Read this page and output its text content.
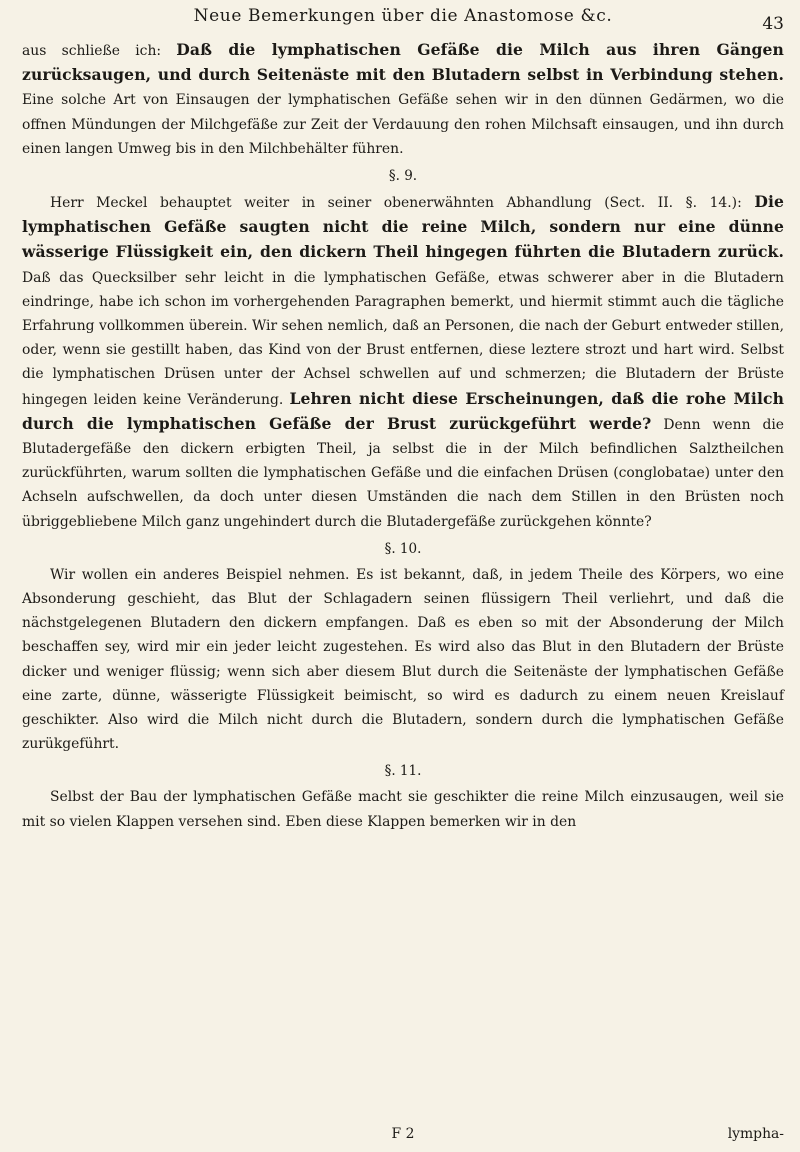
Neue Bemerkungen über die Anastomose &c.	43

aus schließe ich: Daß die lymphatischen Gefäße die Milch aus ihren Gängen zurücksaugen, und durch Seitenäste mit den Blutadern selbst in Verbindung stehen. Eine solche Art von Einsaugen der lymphatischen Gefäße sehen wir in den dünnen Gedärmen, wo die offnen Mündungen der Milchgefäße zur Zeit der Verdauung den rohen Milchsaft einsaugen, und ihn durch einen langen Umweg bis in den Milchbehälter führen.

§. 9.

Herr Meckel behauptet weiter in seiner obenerwähnten Abhandlung (Sect. II. §. 14.): Die lymphatischen Gefäße saugten nicht die reine Milch, sondern nur eine dünne wässerige Flüssigkeit ein, den dickern Theil hingegen führten die Blutadern zurück. Daß das Quecksilber sehr leicht in die lymphatischen Gefäße, etwas schwerer aber in die Blutadern eindringe, habe ich schon im vorhergehenden Paragraphen bemerkt, und hiermit stimmt auch die tägliche Erfahrung vollkommen überein. Wir sehen nemlich, daß an Personen, die nach der Geburt entweder stillen, oder, wenn sie gestillt haben, das Kind von der Brust entfernen, diese leztere strozt und hart wird. Selbst die lymphatischen Drüsen unter der Achsel schwellen auf und schmerzen; die Blutadern der Brüste hingegen leiden keine Veränderung. Lehren nicht diese Erscheinungen, daß die rohe Milch durch die lymphatischen Gefäße der Brust zurückgeführt werde? Denn wenn die Blutadergefäße den dickern erbigten Theil, ja selbst die in der Milch befindlichen Salztheilchen zurückführten, warum sollten die lymphatischen Gefäße und die einfachen Drüsen (conglobatae) unter den Achseln aufschwellen, da doch unter diesen Umständen die nach dem Stillen in den Brüsten noch übriggebliebene Milch ganz ungehindert durch die Blutadergefäße zurückgehen könnte?

§. 10.

Wir wollen ein anderes Beispiel nehmen. Es ist bekannt, daß, in jedem Theile des Körpers, wo eine Absonderung geschieht, das Blut der Schlagadern seinen flüssigern Theil verliehrt, und daß die nächstgelegenen Blutadern den dickern empfangen. Daß es eben so mit der Absonderung der Milch beschaffen sey, wird mir ein jeder leicht zugestehen. Es wird also das Blut in den Blutadern der Brüste dicker und weniger flüssig; wenn sich aber diesem Blut durch die Seitenäste der lymphatischen Gefäße eine zarte, dünne, wässerigte Flüssigkeit beimischt, so wird es dadurch zu einem neuen Kreislauf geschikter. Also wird die Milch nicht durch die Blutadern, sondern durch die lymphatischen Gefäße zurükgeführt.

§. 11.

Selbst der Bau der lymphatischen Gefäße macht sie geschikter die reine Milch einzusaugen, weil sie mit so vielen Klappen versehen sind. Eben diese Klappen bemerken wir in den

F 2	lympha-
